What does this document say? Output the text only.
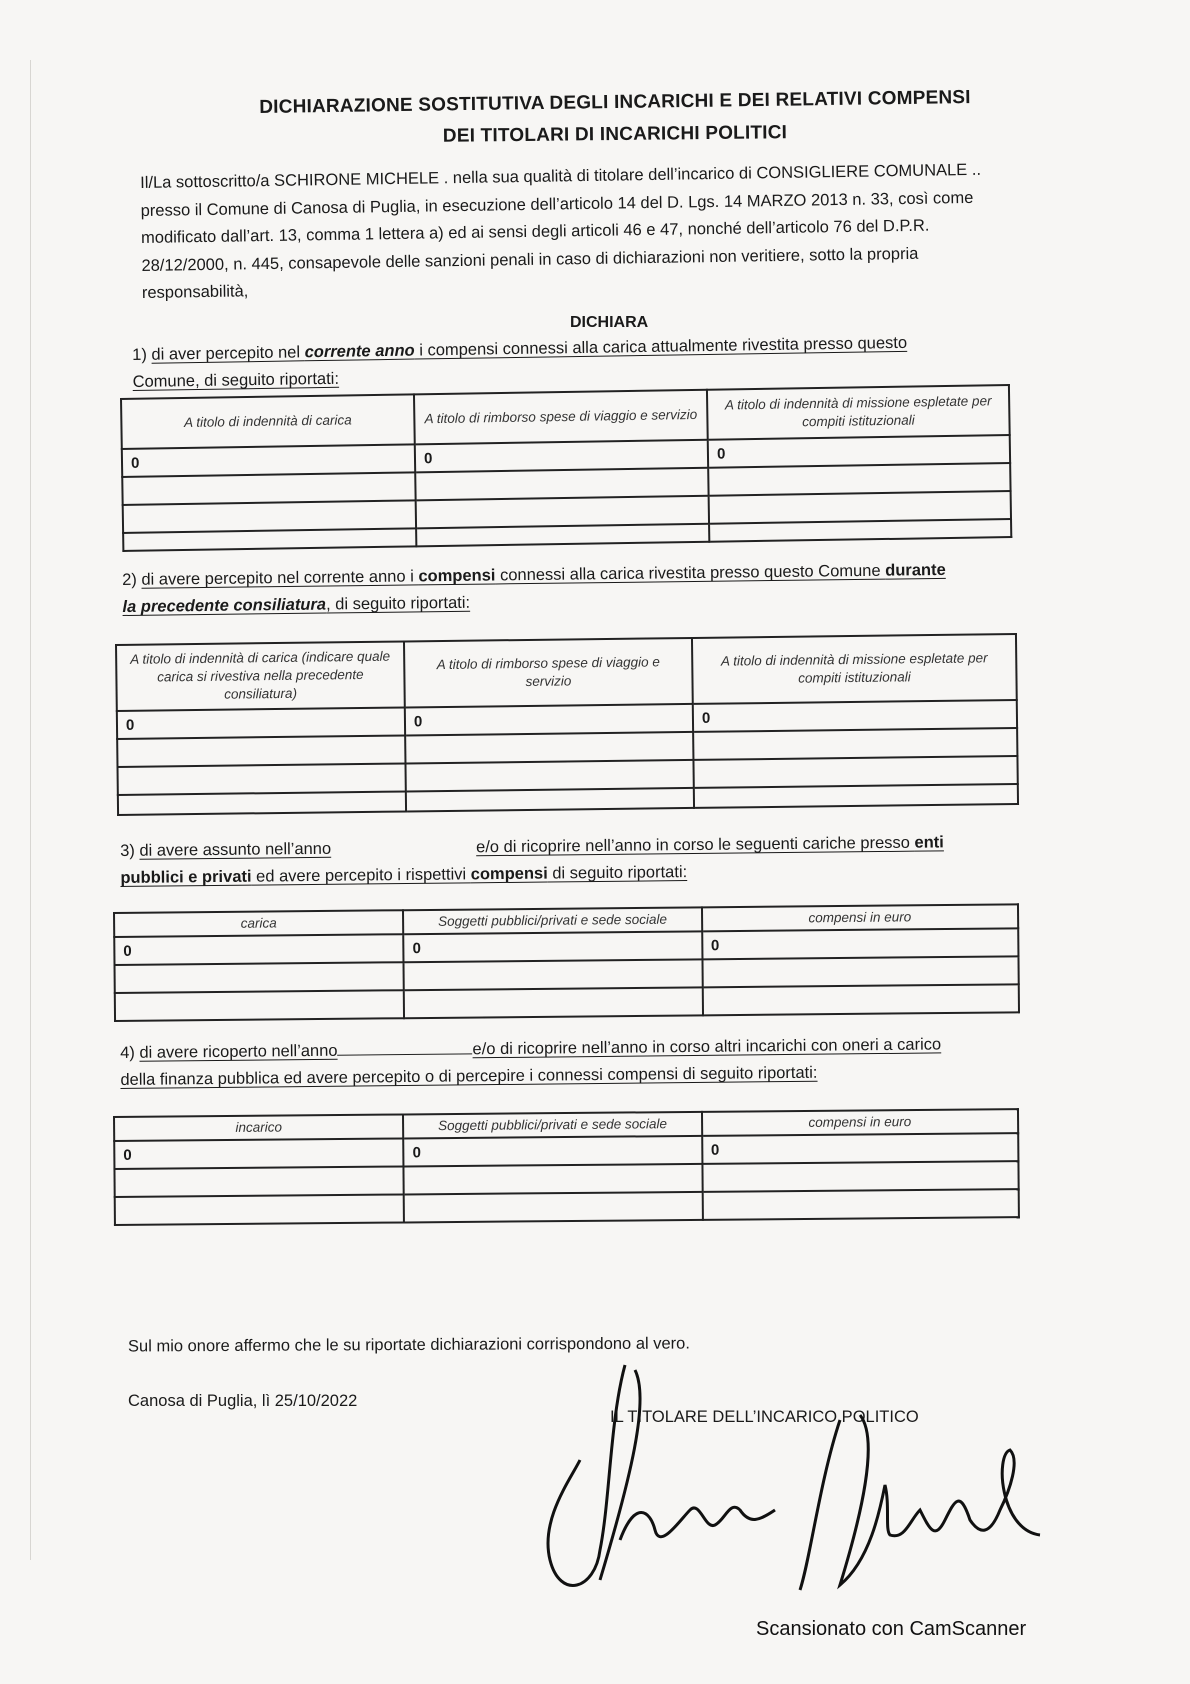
DICHIARAZIONE SOSTITUTIVA DEGLI INCARICHI E DEI RELATIVI COMPENSI
DEI TITOLARI DI INCARICHI POLITICI

Il/La sottoscritto/a SCHIRONE MICHELE . nella sua qualità di titolare dell’incarico di CONSIGLIERE COMUNALE ..

presso il Comune di Canosa di Puglia, in esecuzione dell’articolo 14 del D. Lgs. 14 MARZO 2013 n. 33, così come

modificato dall’art. 13, comma 1 lettera a) ed ai sensi degli articoli 46 e 47, nonché dell’articolo 76 del D.P.R.

28/12/2000, n. 445, consapevole delle sanzioni penali in caso di dichiarazioni non veritiere, sotto la propria

responsabilità,

DICHIARA

1) di aver percepito nel corrente anno i compensi connessi alla carica attualmente rivestita presso questo

Comune, di seguito riportati:

A titolo di indennità di carica	A titolo di rimborso spese di viaggio e servizio	A titolo di indennità di missione espletate per compiti istituzionali
0	0	0

2) di avere percepito nel corrente anno i compensi connessi alla carica rivestita presso questo Comune durante

la precedente consiliatura, di seguito riportati:

A titolo di indennità di carica (indicare quale carica si rivestiva nella precedente consiliatura)	A titolo di rimborso spese di viaggio e servizio	A titolo di indennità di missione espletate per compiti istituzionali
0	0	0

3) di avere assunto nell’anno	e/o di ricoprire nell’anno in corso le seguenti cariche presso enti

pubblici e privati ed avere percepito i rispettivi compensi di seguito riportati:

carica	Soggetti pubblici/privati e sede sociale	compensi in euro
0	0	0

4) di avere ricoperto nell’anno	e/o di ricoprire nell’anno in corso altri incarichi con oneri a carico

della finanza pubblica ed avere percepito o di percepire i connessi compensi di seguito riportati:

incarico	Soggetti pubblici/privati e sede sociale	compensi in euro
0	0	0

Sul mio onore affermo che le su riportate dichiarazioni corrispondono al vero.
Canosa di Puglia, lì 25/10/2022
IL TITOLARE DELL’INCARICO POLITICO
Scansionato con CamScanner
